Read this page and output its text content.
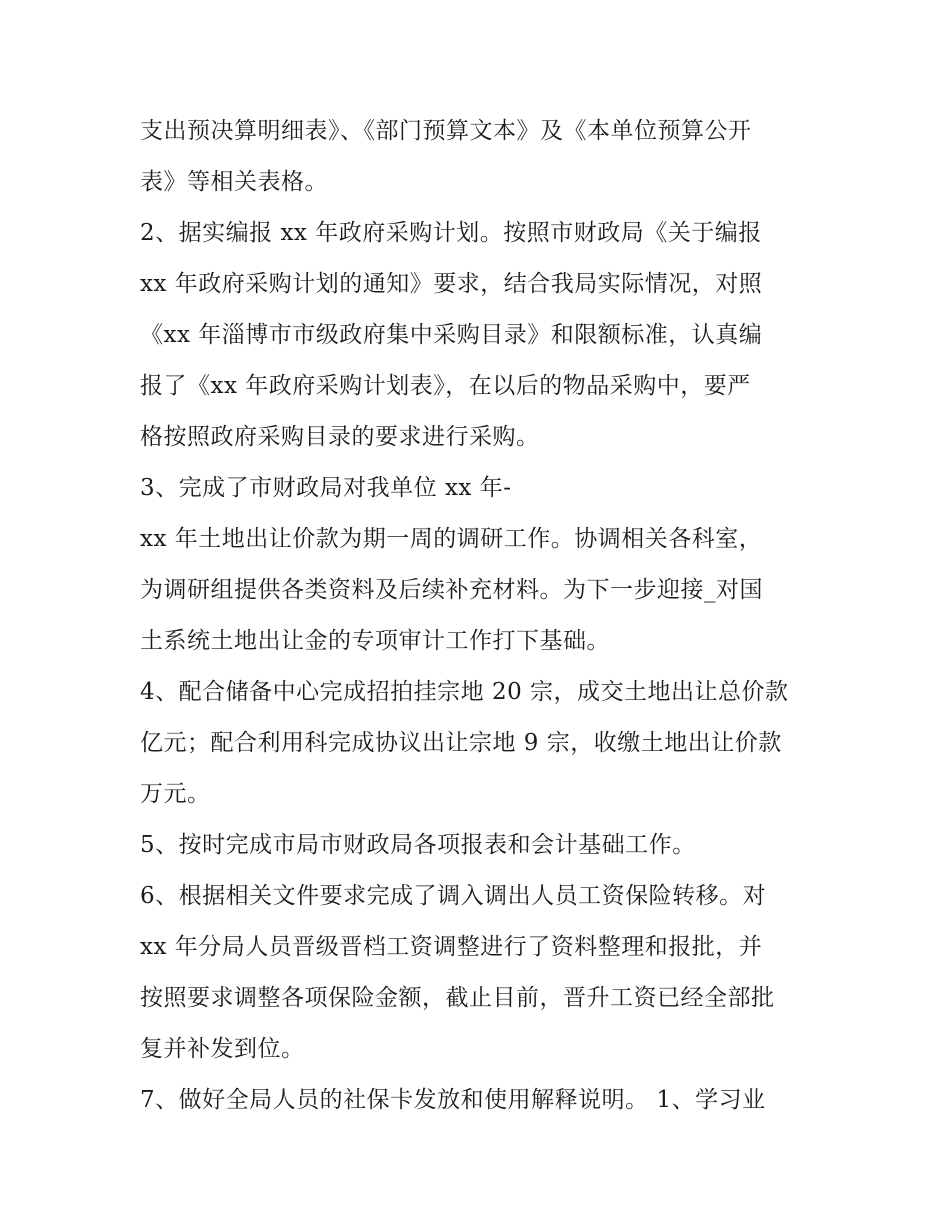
支出预决算明细表》、《部门预算文本》及《本单位预算公开
表》等相关表格。
2、据实编报 xx 年政府采购计划。按照市财政局《关于编报
xx 年政府采购计划的通知》要求，结合我局实际情况，对照
《xx 年淄博市市级政府集中采购目录》和限额标准，认真编
报了《xx 年政府采购计划表》，在以后的物品采购中，要严
格按照政府采购目录的要求进行采购。
3、完成了市财政局对我单位 xx 年-
xx 年土地出让价款为期一周的调研工作。协调相关各科室，
为调研组提供各类资料及后续补充材料。为下一步迎接_对国
土系统土地出让金的专项审计工作打下基础。
4、配合储备中心完成招拍挂宗地 20 宗，成交土地出让总价款
亿元；配合利用科完成协议出让宗地 9 宗，收缴土地出让价款
万元。
5、按时完成市局市财政局各项报表和会计基础工作。
6、根据相关文件要求完成了调入调出人员工资保险转移。对
xx 年分局人员晋级晋档工资调整进行了资料整理和报批，并
按照要求调整各项保险金额，截止目前，晋升工资已经全部批
复并补发到位。
7、做好全局人员的社保卡发放和使用解释说明。 1、学习业
